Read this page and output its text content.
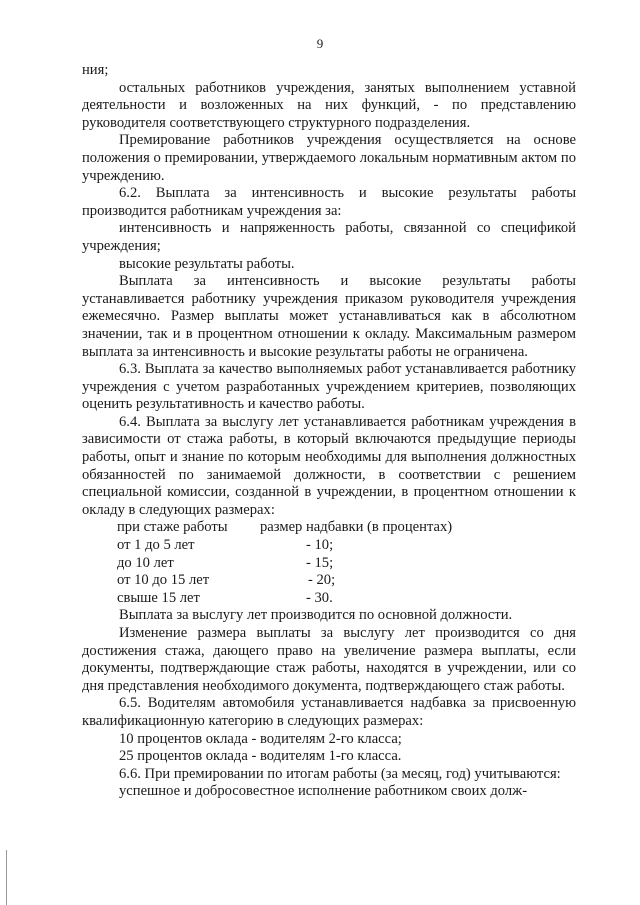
9

ния;

остальных работников учреждения, занятых выполнением уставной деятельности и возложенных на них функций, - по представлению руководителя соответствующего структурного подразделения.

Премирование работников учреждения осуществляется на основе положения о премировании, утверждаемого локальным нормативным актом по учреждению.

6.2. Выплата за интенсивность и высокие результаты работы производится работникам учреждения за:

интенсивность и напряженность работы, связанной со спецификой учреждения;

высокие результаты работы.

Выплата за интенсивность и высокие результаты работы устанавливается работнику учреждения приказом руководителя учреждения ежемесячно. Размер выплаты может устанавливаться как в абсолютном значении, так и в процентном отношении к окладу. Максимальным размером выплата за интенсивность и высокие результаты работы не ограничена.

6.3. Выплата за качество выполняемых работ устанавливается работнику учреждения с учетом разработанных учреждением критериев, позволяющих оценить результативность и качество работы.

6.4. Выплата за выслугу лет устанавливается работникам учреждения в зависимости от стажа работы, в который включаются предыдущие периоды работы, опыт и знание по которым необходимы для выполнения должностных обязанностей по занимаемой должности, в соответствии с решением специальной комиссии, созданной в учреждении, в процентном отношении к окладу в следующих размерах:

при стаже работы	размер надбавки (в процентах)
от 1 до 5 лет	- 10;
до 10 лет	- 15;
от 10 до 15 лет	- 20;
свыше 15 лет	- 30.

Выплата за выслугу лет производится по основной должности.

Изменение размера выплаты за выслугу лет производится со дня достижения стажа, дающего право на увеличение размера выплаты, если документы, подтверждающие стаж работы, находятся в учреждении, или со дня представления необходимого документа, подтверждающего стаж работы.

6.5. Водителям автомобиля устанавливается надбавка за присвоенную квалификационную категорию в следующих размерах:

10 процентов оклада - водителям 2-го класса;

25 процентов оклада - водителям 1-го класса.

6.6. При премировании по итогам работы (за месяц, год) учитываются:

успешное и добросовестное исполнение работником своих долж-
